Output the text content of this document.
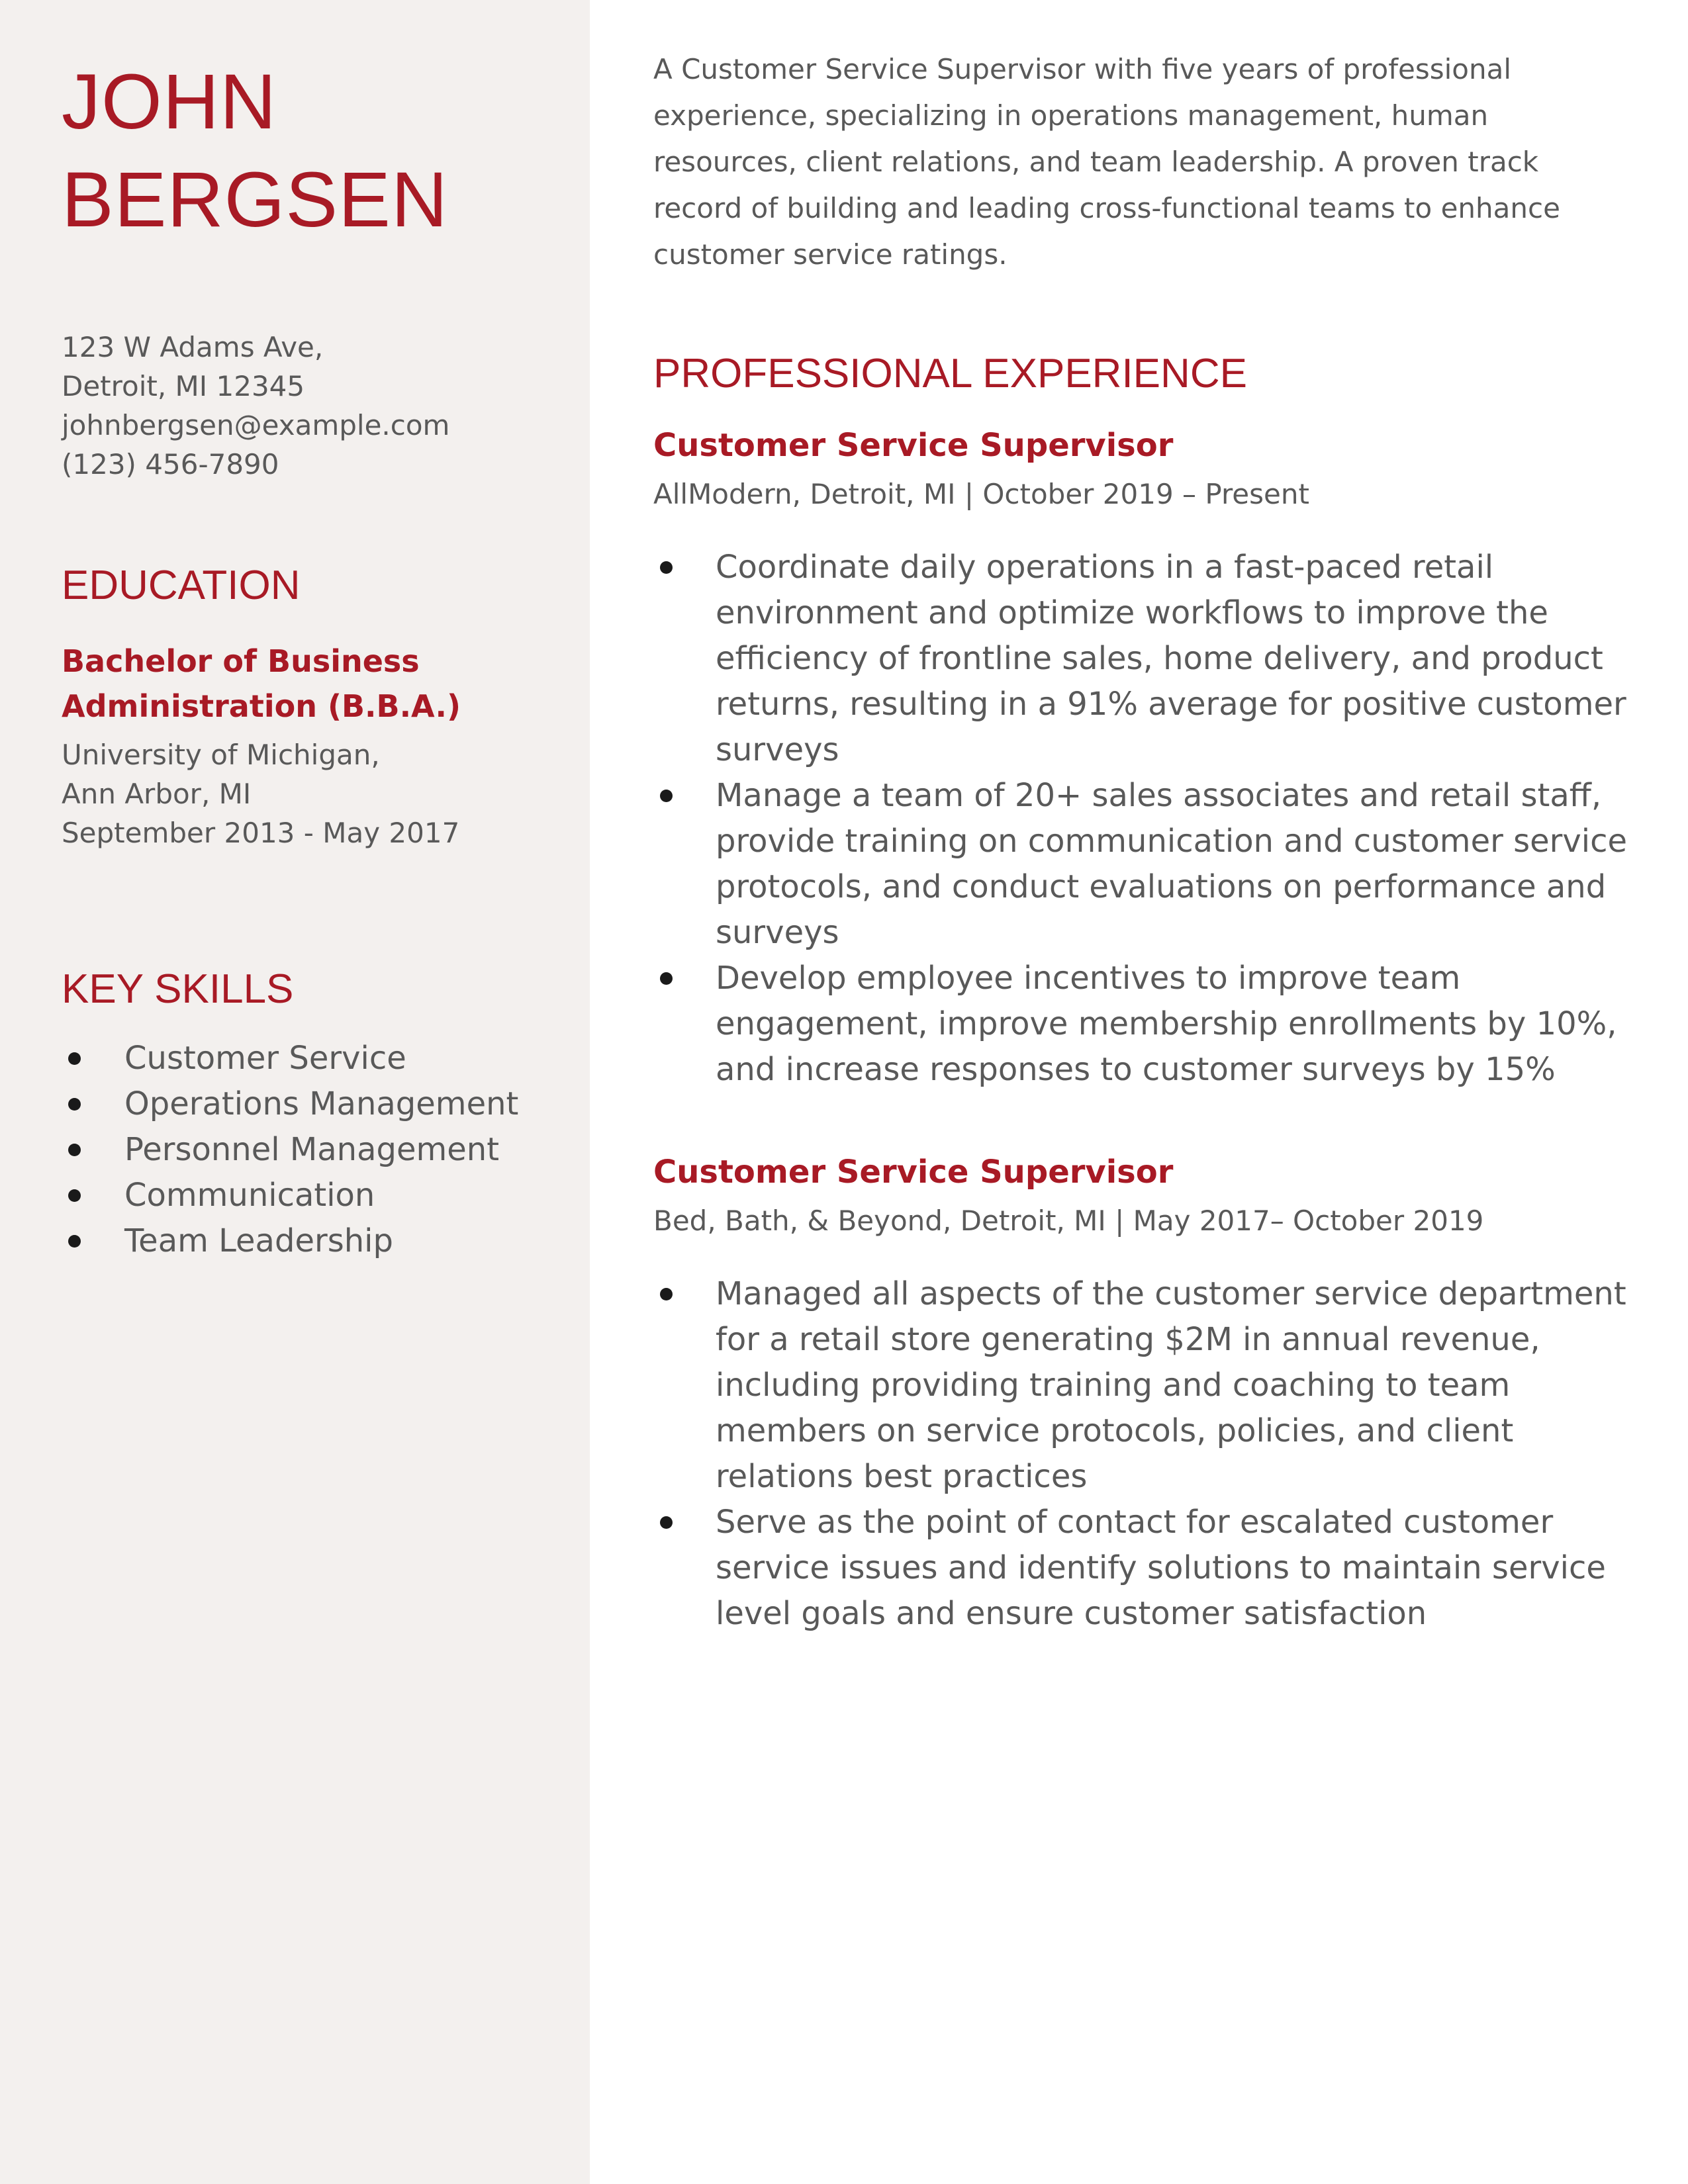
JOHN
BERGSEN
123 W Adams Ave,
Detroit, MI 12345
johnbergsen@example.com
(123) 456-7890
EDUCATION
Bachelor of Business Administration (B.B.A.)
University of Michigan,
Ann Arbor, MI
September 2013 - May 2017
KEY SKILLS
Customer Service
Operations Management
Personnel Management
Communication
Team Leadership

A Customer Service Supervisor with five years of professional experience, specializing in operations management, human resources, client relations, and team leadership. A proven track record of building and leading cross-functional teams to enhance customer service ratings.

PROFESSIONAL EXPERIENCE
Customer Service Supervisor
AllModern, Detroit, MI | October 2019 – Present
Coordinate daily operations in a fast-paced retail environment and optimize workflows to improve the efficiency of frontline sales, home delivery, and product returns, resulting in a 91% average for positive customer surveys
Manage a team of 20+ sales associates and retail staff, provide training on communication and customer service protocols, and conduct evaluations on performance and surveys
Develop employee incentives to improve team engagement, improve membership enrollments by 10%, and increase responses to customer surveys by 15%
Customer Service Supervisor
Bed, Bath, & Beyond, Detroit, MI | May 2017– October 2019
Managed all aspects of the customer service department for a retail store generating $2M in annual revenue, including providing training and coaching to team members on service protocols, policies, and client relations best practices
Serve as the point of contact for escalated customer service issues and identify solutions to maintain service level goals and ensure customer satisfaction
